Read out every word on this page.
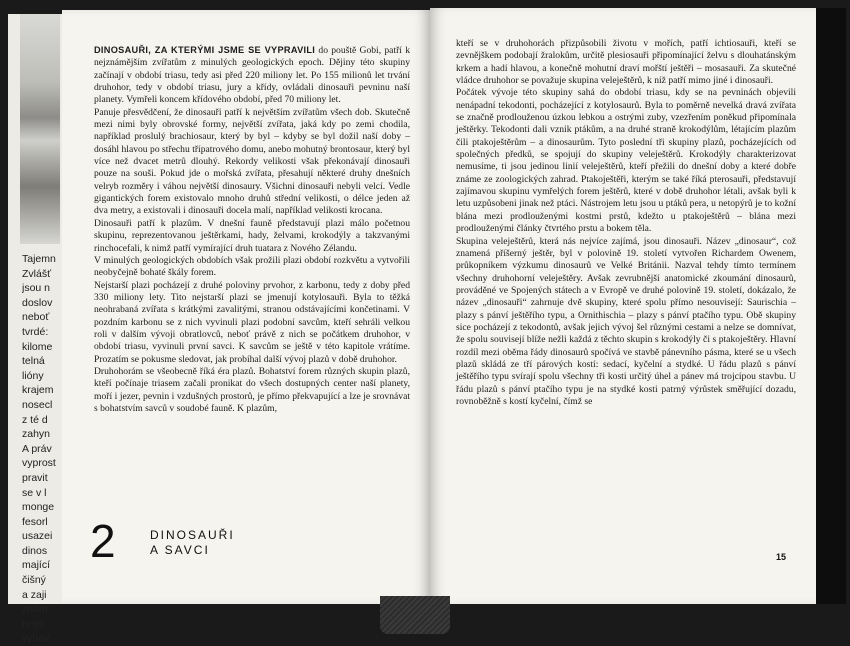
Tajemn
Zvlášť
jsou n
doslov
neboť
tvrdé:
kilome
telná
lióny
krajem
nosecl
z té d
zahyn
A práv
vyprost
pravit
se v l
monge
fesorl
usazei
dinos
mající
čišný
a zaji
znání
nejdr
vybav

DINOSAUŘI, ZA KTERÝMI JSME SE VYPRAVILI do pouště Gobi, patří k nejznámějším zvířatům z minulých geologických epoch. Dějiny této skupiny začínají v období triasu, tedy asi před 220 miliony let. Po 155 milionů let trvání druhohor, tedy v období triasu, jury a křídy, ovládali dinosauři pevninu naší planety. Vymřeli koncem křídového období, před 70 miliony let.

Panuje přesvědčení, že dinosauři patří k největším zvířatům všech dob. Skutečně mezi nimi byly obrovské formy, největší zvířata, jaká kdy po zemi chodila, například proslulý brachiosaur, který by byl – kdyby se byl dožil naší doby – dosáhl hlavou po střechu třípatrového domu, anebo mohutný brontosaur, který byl více než dvacet metrů dlouhý. Rekordy velikosti však překonávají dinosauři pouze na souši. Pokud jde o mořská zvířata, přesahují některé druhy dnešních velryb rozměry i váhou největší dinosaury. Všichni dinosauři nebyli velcí. Vedle gigantických forem existovalo mnoho druhů střední velikosti, o délce jeden až dva metry, a existovali i dinosauři docela malí, například velikosti krocana.

Dinosauři patří k plazům. V dnešní fauně představují plazi málo početnou skupinu, reprezentovanou ještěrkami, hady, želvami, krokodýly a takzvanými rinchocefali, k nimž patří vymírající druh tuatara z Nového Zélandu.

V minulých geologických obdobích však prožili plazi období rozkvětu a vytvořili neobyčejně bohaté škály forem.

Nejstarší plazi pocházejí z druhé poloviny prvohor, z karbonu, tedy z doby před 330 miliony lety. Tito nejstarší plazi se jmenují kotylosauři. Byla to těžká neohrabaná zvířata s krátkými zavalitými, stranou odstávajícími končetinami. V pozdním karbonu se z nich vyvinuli plazi podobní savcům, kteří sehráli velkou roli v dalším vývoji obratlovců, neboť právě z nich se počátkem druhohor, v období triasu, vyvinuli první savci. K savcům se ještě v této kapitole vrátíme. Prozatím se pokusme sledovat, jak probíhal další vývoj plazů v době druhohor.

Druhohorám se všeobecně říká éra plazů. Bohatství forem různých skupin plazů, kteří počínaje triasem začali pronikat do všech dostupných center naší planety, moří i jezer, pevnin i vzdušných prostorů, je přímo překvapující a lze je srovnávat s bohatstvím savců v soudobé fauně. K plazům,

2	DINOSAUŘI
A SAVCI

kteří se v druhohorách přizpůsobili životu v mořích, patří ichtiosauři, kteří se zevnějškem podobají žralokům, určitě plesiosauři připomínající želvu s dlouhatánským krkem a hadí hlavou, a konečně mohutní draví mořští ještěři – mosasauři. Za skutečné vládce druhohor se považuje skupina veleještěrů, k níž patří mimo jiné i dinosauři.

Počátek vývoje této skupiny sahá do období triasu, kdy se na pevninách objevili nenápadní tekodonti, pocházející z kotylosaurů. Byla to poměrně nevelká dravá zvířata se značně prodlouženou úzkou lebkou a ostrými zuby, vzezřením poněkud připomínala ještěrky. Tekodonti dali vznik ptákům, a na druhé straně krokodýlům, létajícím plazům čili ptakoještěrům – a dinosaurům. Tyto poslední tři skupiny plazů, pocházejících od společných předků, se spojují do skupiny veleještěrů. Krokodýly charakterizovat nemusíme, ti jsou jedinou linií veleještěrů, kteří přežili do dnešní doby a které dobře známe ze zoologických zahrad. Ptakoještěři, kterým se také říká pterosauři, představují zajímavou skupinu vymřelých forem ještěrů, které v době druhohor létali, avšak byli k letu uzpůsobeni jinak než ptáci. Nástrojem letu jsou u ptáků pera, u netopýrů je to kožní blána mezi prodlouženými kostmi prstů, kdežto u ptakoještěrů – blána mezi prodlouženými články čtvrtého prstu a bokem těla.

Skupina veleještěrů, která nás nejvíce zajímá, jsou dinosauři. Název „dinosaur“, což znamená příšerný ještěr, byl v polovině 19. století vytvořen Richardem Owenem, průkopníkem výzkumu dinosaurů ve Velké Británii. Nazval tehdy tímto termínem všechny druhohorní veleještěry. Avšak zevrubnější anatomické zkoumání dinosaurů, prováděné ve Spojených státech a v Evropě ve druhé polovině 19. století, dokázalo, že název „dinosauři“ zahrnuje dvě skupiny, které spolu přímo nesouvisejí: Saurischia – plazy s pánví ještěřího typu, a Ornithischia – plazy s pánví ptačího typu. Obě skupiny sice pocházejí z tekodontů, avšak jejich vývoj šel různými cestami a nelze se domnívat, že spolu souvisejí blíže nežli každá z těchto skupin s krokodýly či s ptakoještěry. Hlavní rozdíl mezi oběma řády dinosaurů spočívá ve stavbě pánevního pásma, které se u všech plazů skládá ze tří párových kostí: sedací, kyčelní a stydké. U řádu plazů s pánví ještěřího typu svírají spolu všechny tři kosti určitý úhel a pánev má trojcípou stavbu. U řádu plazů s pánví ptačího typu je na stydké kosti patrný výrůstek směřující dozadu, rovnoběžně s kostí kyčelní, čímž se

15
